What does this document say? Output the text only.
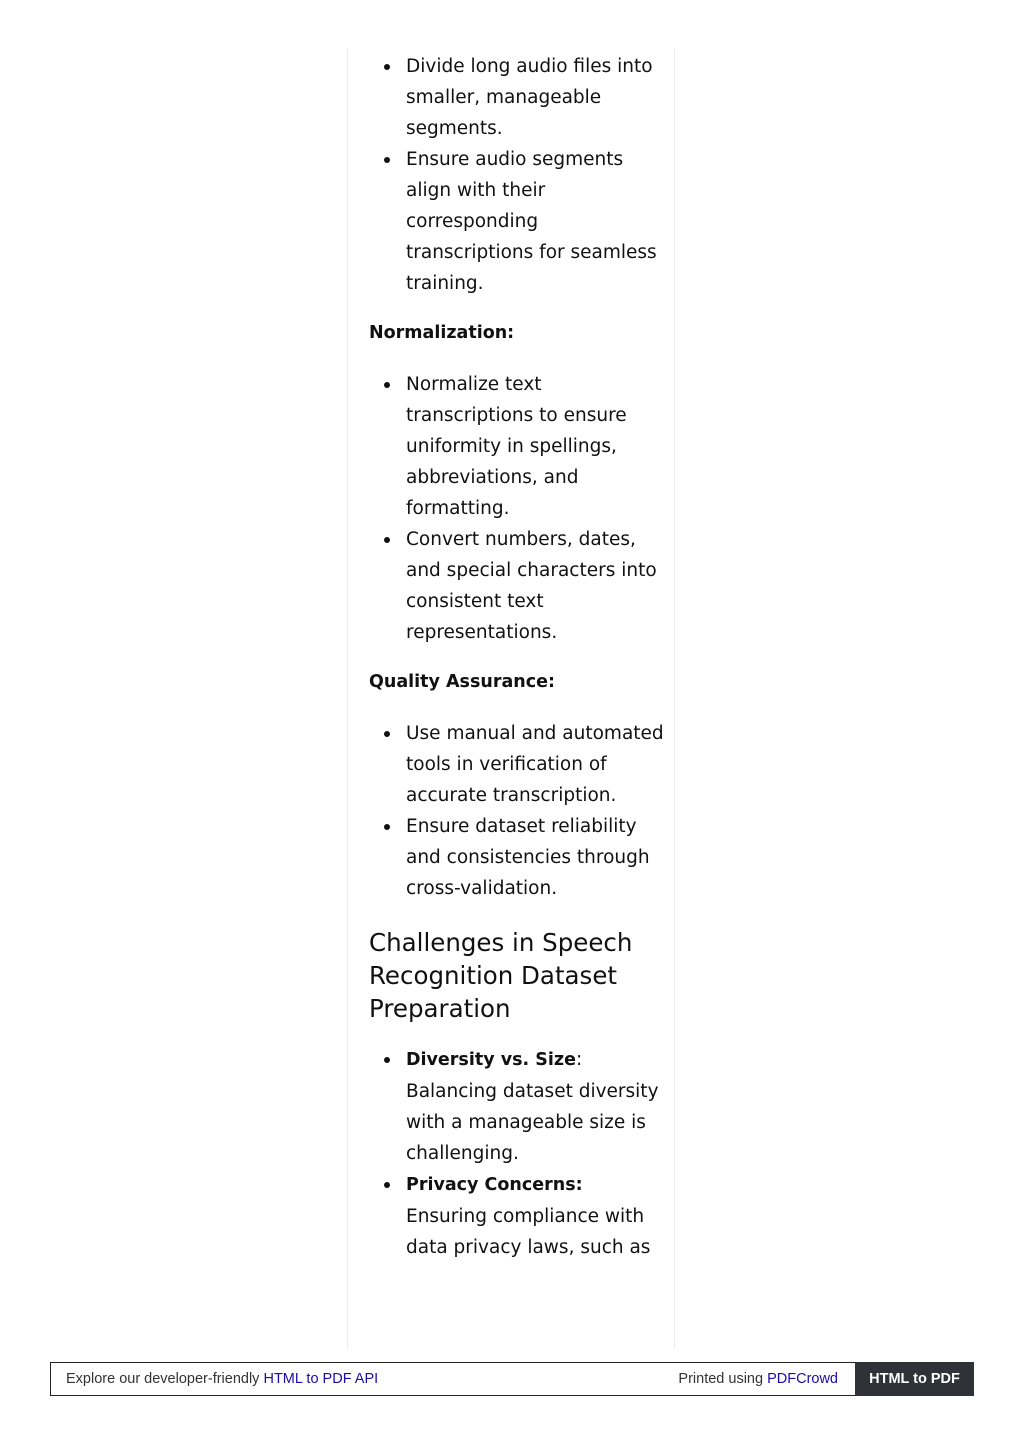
Divide long audio files into smaller, manageable segments.
Ensure audio segments align with their corresponding transcriptions for seamless training.

Normalization:

Normalize text transcriptions to ensure uniformity in spellings, abbreviations, and formatting.
Convert numbers, dates, and special characters into consistent text representations.

Quality Assurance:

Use manual and automated tools in verification of accurate transcription.
Ensure dataset reliability and consistencies through cross-validation.
Challenges in Speech Recognition Dataset Preparation
Diversity vs. Size: Balancing dataset diversity with a manageable size is challenging.
Privacy Concerns: Ensuring compliance with data privacy laws, such as
Explore our developer-friendly HTML to PDF API	Printed using PDFCrowd	HTML to PDF
